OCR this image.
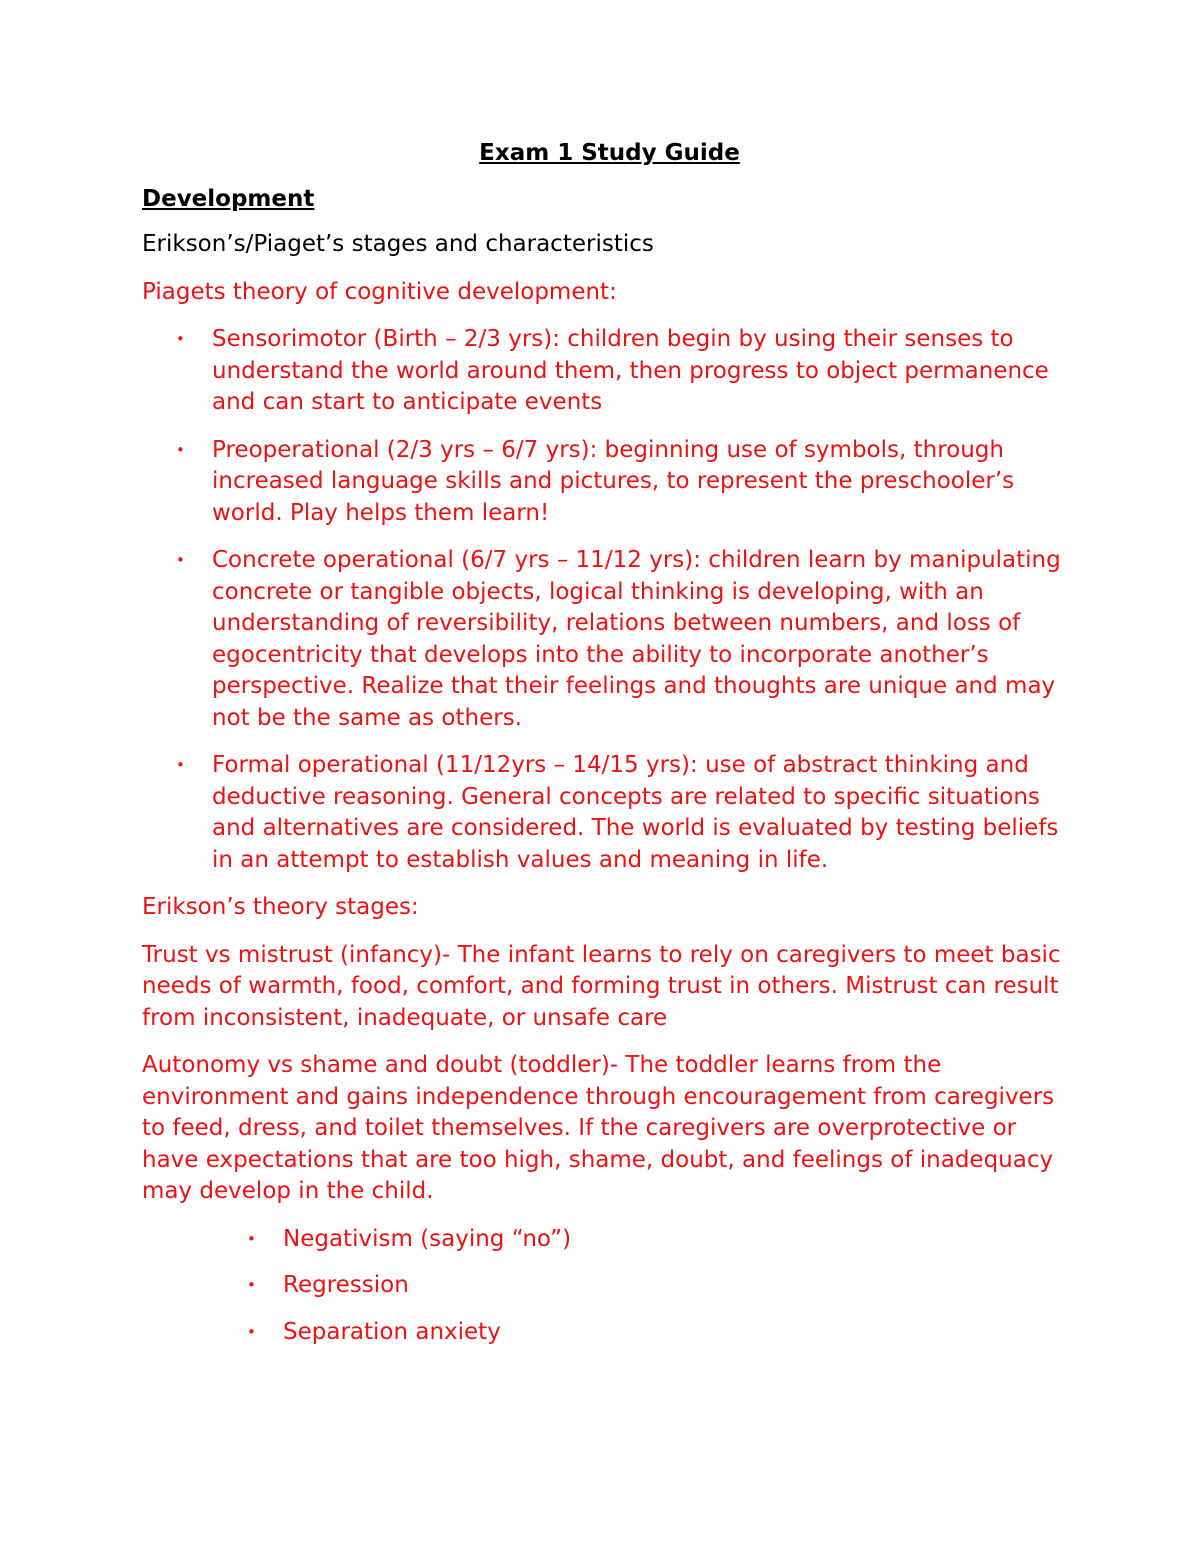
Exam 1 Study Guide

Development

Erikson’s/Piaget’s stages and characteristics

Piagets theory of cognitive development:

• Sensorimotor (Birth – 2/3 yrs): children begin by using their senses to understand the world around them, then progress to object permanence and can start to anticipate events
• Preoperational (2/3 yrs – 6/7 yrs): beginning use of symbols, through increased language skills and pictures, to represent the preschooler’s world. Play helps them learn!
• Concrete operational (6/7 yrs – 11/12 yrs): children learn by manipulating concrete or tangible objects, logical thinking is developing, with an understanding of reversibility, relations between numbers, and loss of egocentricity that develops into the ability to incorporate another’s perspective. Realize that their feelings and thoughts are unique and may not be the same as others.
• Formal operational (11/12yrs – 14/15 yrs): use of abstract thinking and deductive reasoning. General concepts are related to specific situations and alternatives are considered. The world is evaluated by testing beliefs in an attempt to establish values and meaning in life.

Erikson’s theory stages:

Trust vs mistrust (infancy)- The infant learns to rely on caregivers to meet basic needs of warmth, food, comfort, and forming trust in others. Mistrust can result from inconsistent, inadequate, or unsafe care

Autonomy vs shame and doubt (toddler)- The toddler learns from the environment and gains independence through encouragement from caregivers to feed, dress, and toilet themselves. If the caregivers are overprotective or have expectations that are too high, shame, doubt, and feelings of inadequacy may develop in the child.

• Negativism (saying “no”)
• Regression
• Separation anxiety
